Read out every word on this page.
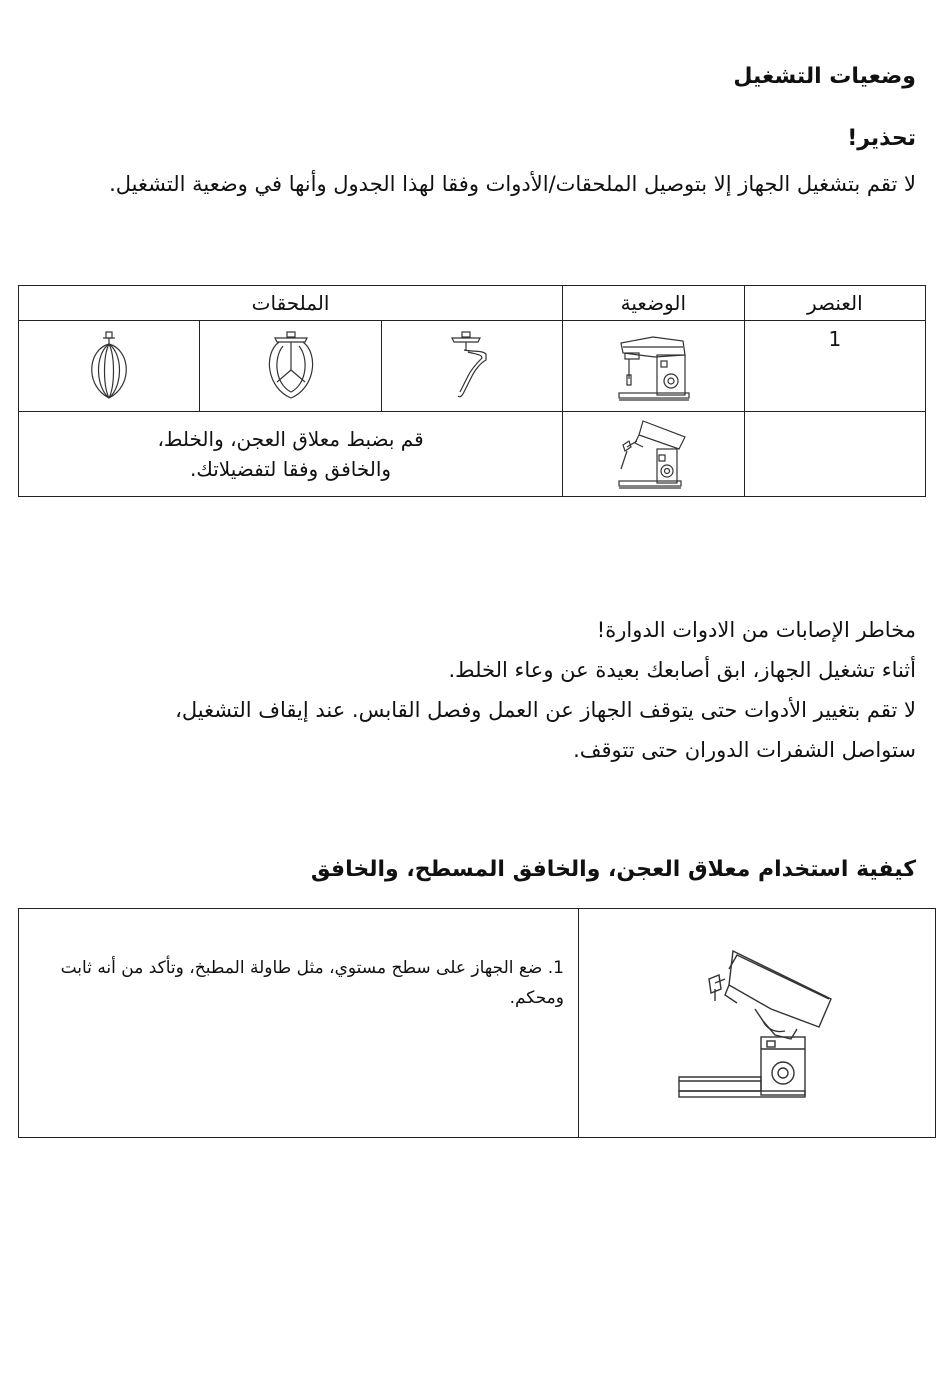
وضعيات التشغيل
تحذير!
لا تقم بتشغيل الجهاز إلا بتوصيل الملحقات/الأدوات وفقا لهذا الجدول وأنها في وضعية التشغيل.
الملحقات			الوضعية	العنصر

	1

قم بضبط معلاق العجن، والخلط،
والخافق وفقا لتفضيلاتك.

مخاطر الإصابات من الادوات الدوارة!
أثناء تشغيل الجهاز، ابق أصابعك بعيدة عن وعاء الخلط.
لا تقم بتغيير الأدوات حتى يتوقف الجهاز عن العمل وفصل القابس. عند إيقاف التشغيل،
ستواصل الشفرات الدوران حتى تتوقف.
كيفية استخدام معلاق العجن، والخافق المسطح، والخافق
1. ضع الجهاز على سطح مستوي، مثل طاولة المطبخ، وتأكد من أنه ثابت ومحكم.
